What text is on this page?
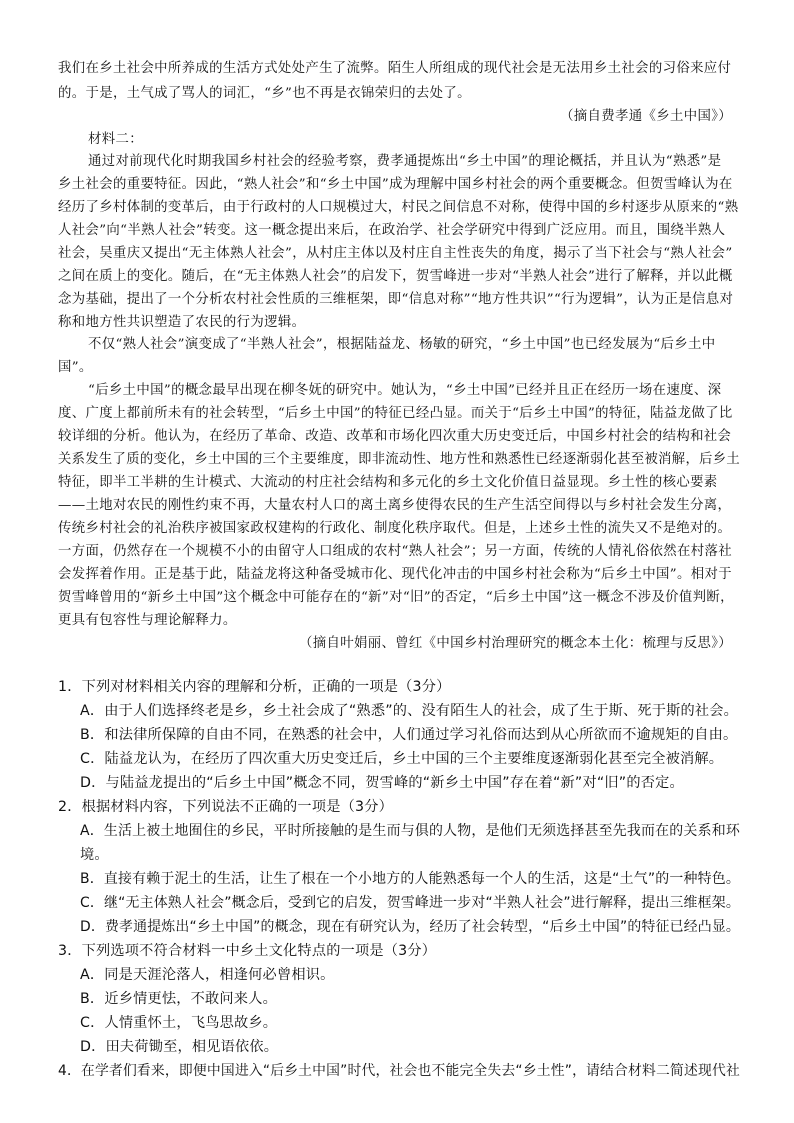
我们在乡土社会中所养成的生活方式处处产生了流弊。陌生人所组成的现代社会是无法用乡土社会的习俗来应付
的。于是，土气成了骂人的词汇，“乡”也不再是衣锦荣归的去处了。
（摘自费孝通《乡土中国》）
材料二：
通过对前现代化时期我国乡村社会的经验考察，费孝通提炼出“乡土中国”的理论概括，并且认为“熟悉”是
乡土社会的重要特征。因此，“熟人社会”和“乡土中国”成为理解中国乡村社会的两个重要概念。但贺雪峰认为在
经历了乡村体制的变革后，由于行政村的人口规模过大，村民之间信息不对称，使得中国的乡村逐步从原来的“熟
人社会”向“半熟人社会”转变。这一概念提出来后，在政治学、社会学研究中得到广泛应用。而且，围绕半熟人
社会，吴重庆又提出“无主体熟人社会”，从村庄主体以及村庄自主性丧失的角度，揭示了当下社会与“熟人社会”
之间在质上的变化。随后，在“无主体熟人社会”的启发下，贺雪峰进一步对“半熟人社会”进行了解释，并以此概
念为基础，提出了一个分析农村社会性质的三维框架，即“信息对称”“地方性共识”“行为逻辑”，认为正是信息对
称和地方性共识塑造了农民的行为逻辑。
不仅“熟人社会”演变成了“半熟人社会”，根据陆益龙、杨敏的研究，“乡土中国”也已经发展为“后乡土中
国”。
“后乡土中国”的概念最早出现在柳冬妩的研究中。她认为，“乡土中国”已经并且正在经历一场在速度、深
度、广度上都前所未有的社会转型，“后乡土中国”的特征已经凸显。而关于“后乡土中国”的特征，陆益龙做了比
较详细的分析。他认为，在经历了革命、改造、改革和市场化四次重大历史变迁后，中国乡村社会的结构和社会
关系发生了质的变化，乡土中国的三个主要维度，即非流动性、地方性和熟悉性已经逐渐弱化甚至被消解，后乡土
特征，即半工半耕的生计模式、大流动的村庄社会结构和多元化的乡土文化价值日益显现。乡土性的核心要素
——土地对农民的刚性约束不再，大量农村人口的离土离乡使得农民的生产生活空间得以与乡村社会发生分离，
传统乡村社会的礼治秩序被国家政权建构的行政化、制度化秩序取代。但是，上述乡土性的流失又不是绝对的。
一方面，仍然存在一个规模不小的由留守人口组成的农村“熟人社会”；另一方面，传统的人情礼俗依然在村落社
会发挥着作用。正是基于此，陆益龙将这种备受城市化、现代化冲击的中国乡村社会称为“后乡土中国”。相对于
贺雪峰曾用的“新乡土中国”这个概念中可能存在的“新”对“旧”的否定，“后乡土中国”这一概念不涉及价值判断，
更具有包容性与理论解释力。
（摘自叶娟丽、曾红《中国乡村治理研究的概念本土化：梳理与反思》）
1．下列对材料相关内容的理解和分析，正确的一项是（3分）
A．由于人们选择终老是乡，乡土社会成了“熟悉”的、没有陌生人的社会，成了生于斯、死于斯的社会。
B．和法律所保障的自由不同，在熟悉的社会中，人们通过学习礼俗而达到从心所欲而不逾规矩的自由。
C．陆益龙认为，在经历了四次重大历史变迁后，乡土中国的三个主要维度逐渐弱化甚至完全被消解。
D．与陆益龙提出的“后乡土中国”概念不同，贺雪峰的“新乡土中国”存在着“新”对“旧”的否定。
2．根据材料内容，下列说法不正确的一项是（3分）
A．生活上被土地囿住的乡民，平时所接触的是生而与俱的人物，是他们无须选择甚至先我而在的关系和环
境。
B．直接有赖于泥土的生活，让生了根在一个小地方的人能熟悉每一个人的生活，这是“土气”的一种特色。
C．继“无主体熟人社会”概念后，受到它的启发，贺雪峰进一步对“半熟人社会”进行解释，提出三维框架。
D．费孝通提炼出“乡土中国”的概念，现在有研究认为，经历了社会转型，“后乡土中国”的特征已经凸显。
3．下列选项不符合材料一中乡土文化特点的一项是（3分）
A．同是天涯沦落人，相逢何必曾相识。
B．近乡情更怯，不敢问来人。
C．人情重怀土，飞鸟思故乡。
D．田夫荷锄至，相见语依依。
4．在学者们看来，即便中国进入“后乡土中国”时代，社会也不能完全失去“乡土性”，请结合材料二简述现代社
